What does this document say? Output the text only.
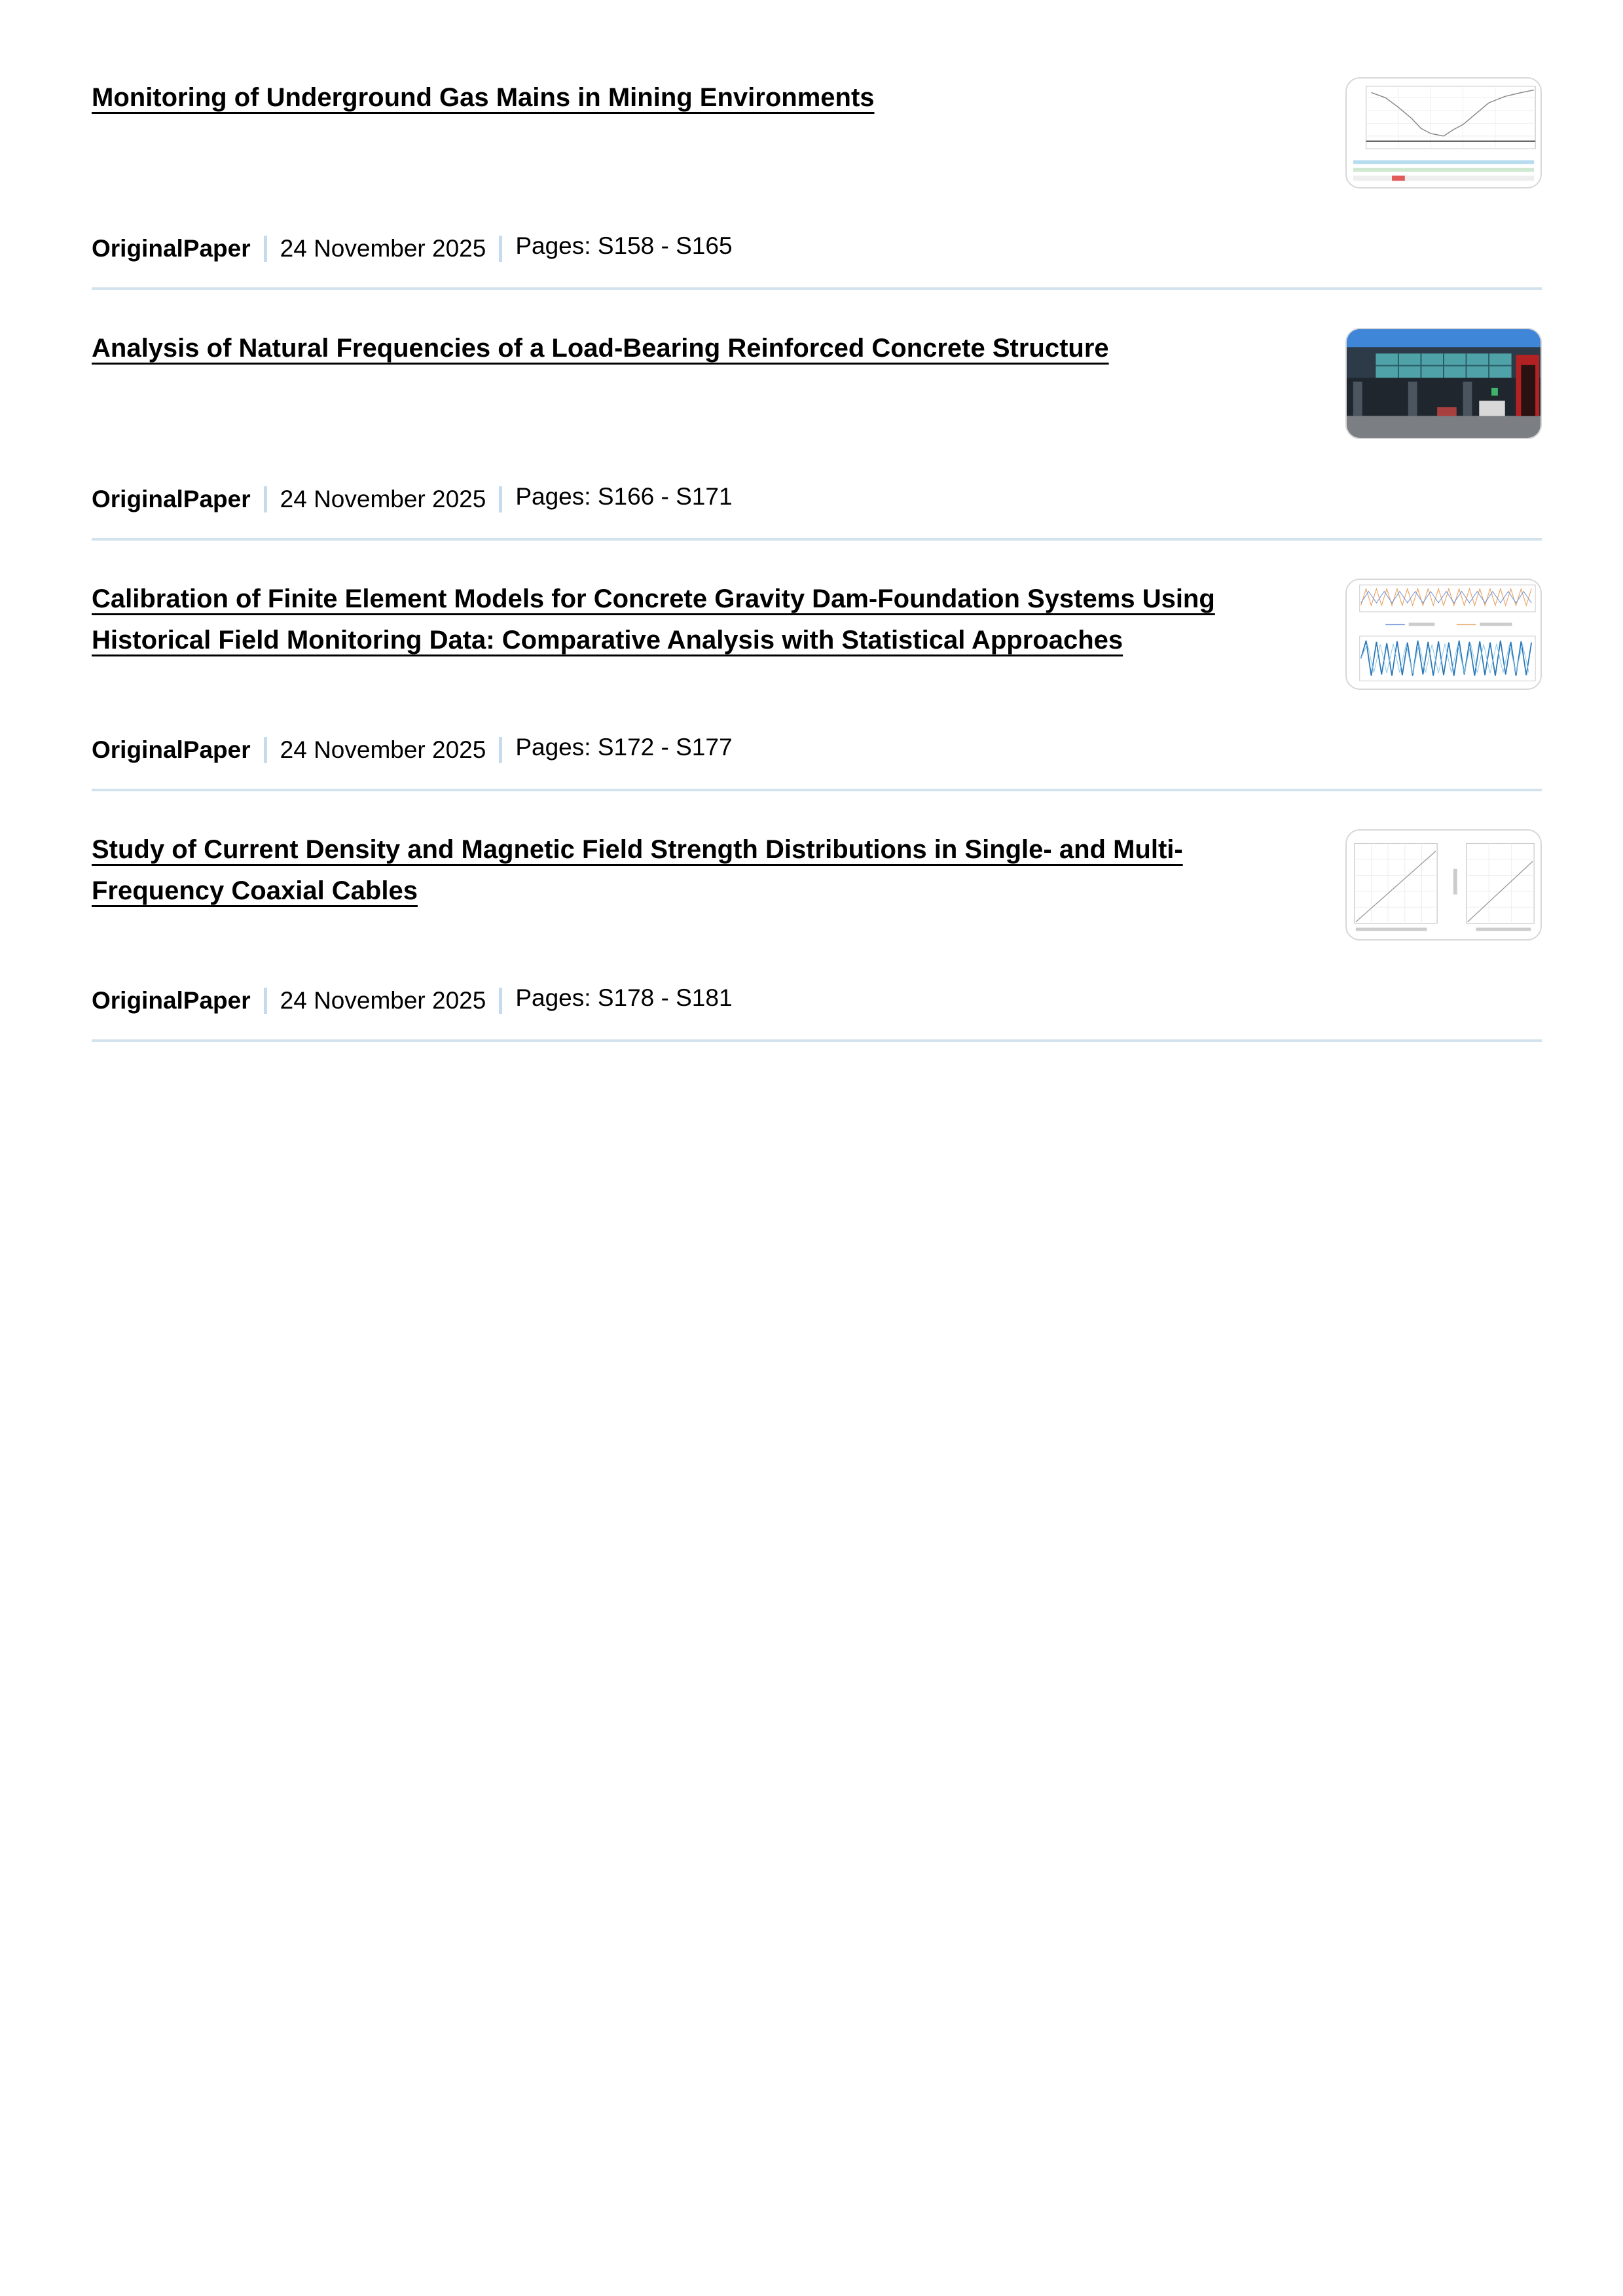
Monitoring of Underground Gas Mains in Mining Environments
OriginalPaper 24 November 2025 Pages: S158 - S165
Analysis of Natural Frequencies of a Load-Bearing Reinforced Concrete Structure
OriginalPaper 24 November 2025 Pages: S166 - S171
Calibration of Finite Element Models for Concrete Gravity Dam-Foundation Systems Using Historical Field Monitoring Data: Comparative Analysis with Statistical Approaches
OriginalPaper 24 November 2025 Pages: S172 - S177
Study of Current Density and Magnetic Field Strength Distributions in Single- and Multi-Frequency Coaxial Cables
OriginalPaper 24 November 2025 Pages: S178 - S181
